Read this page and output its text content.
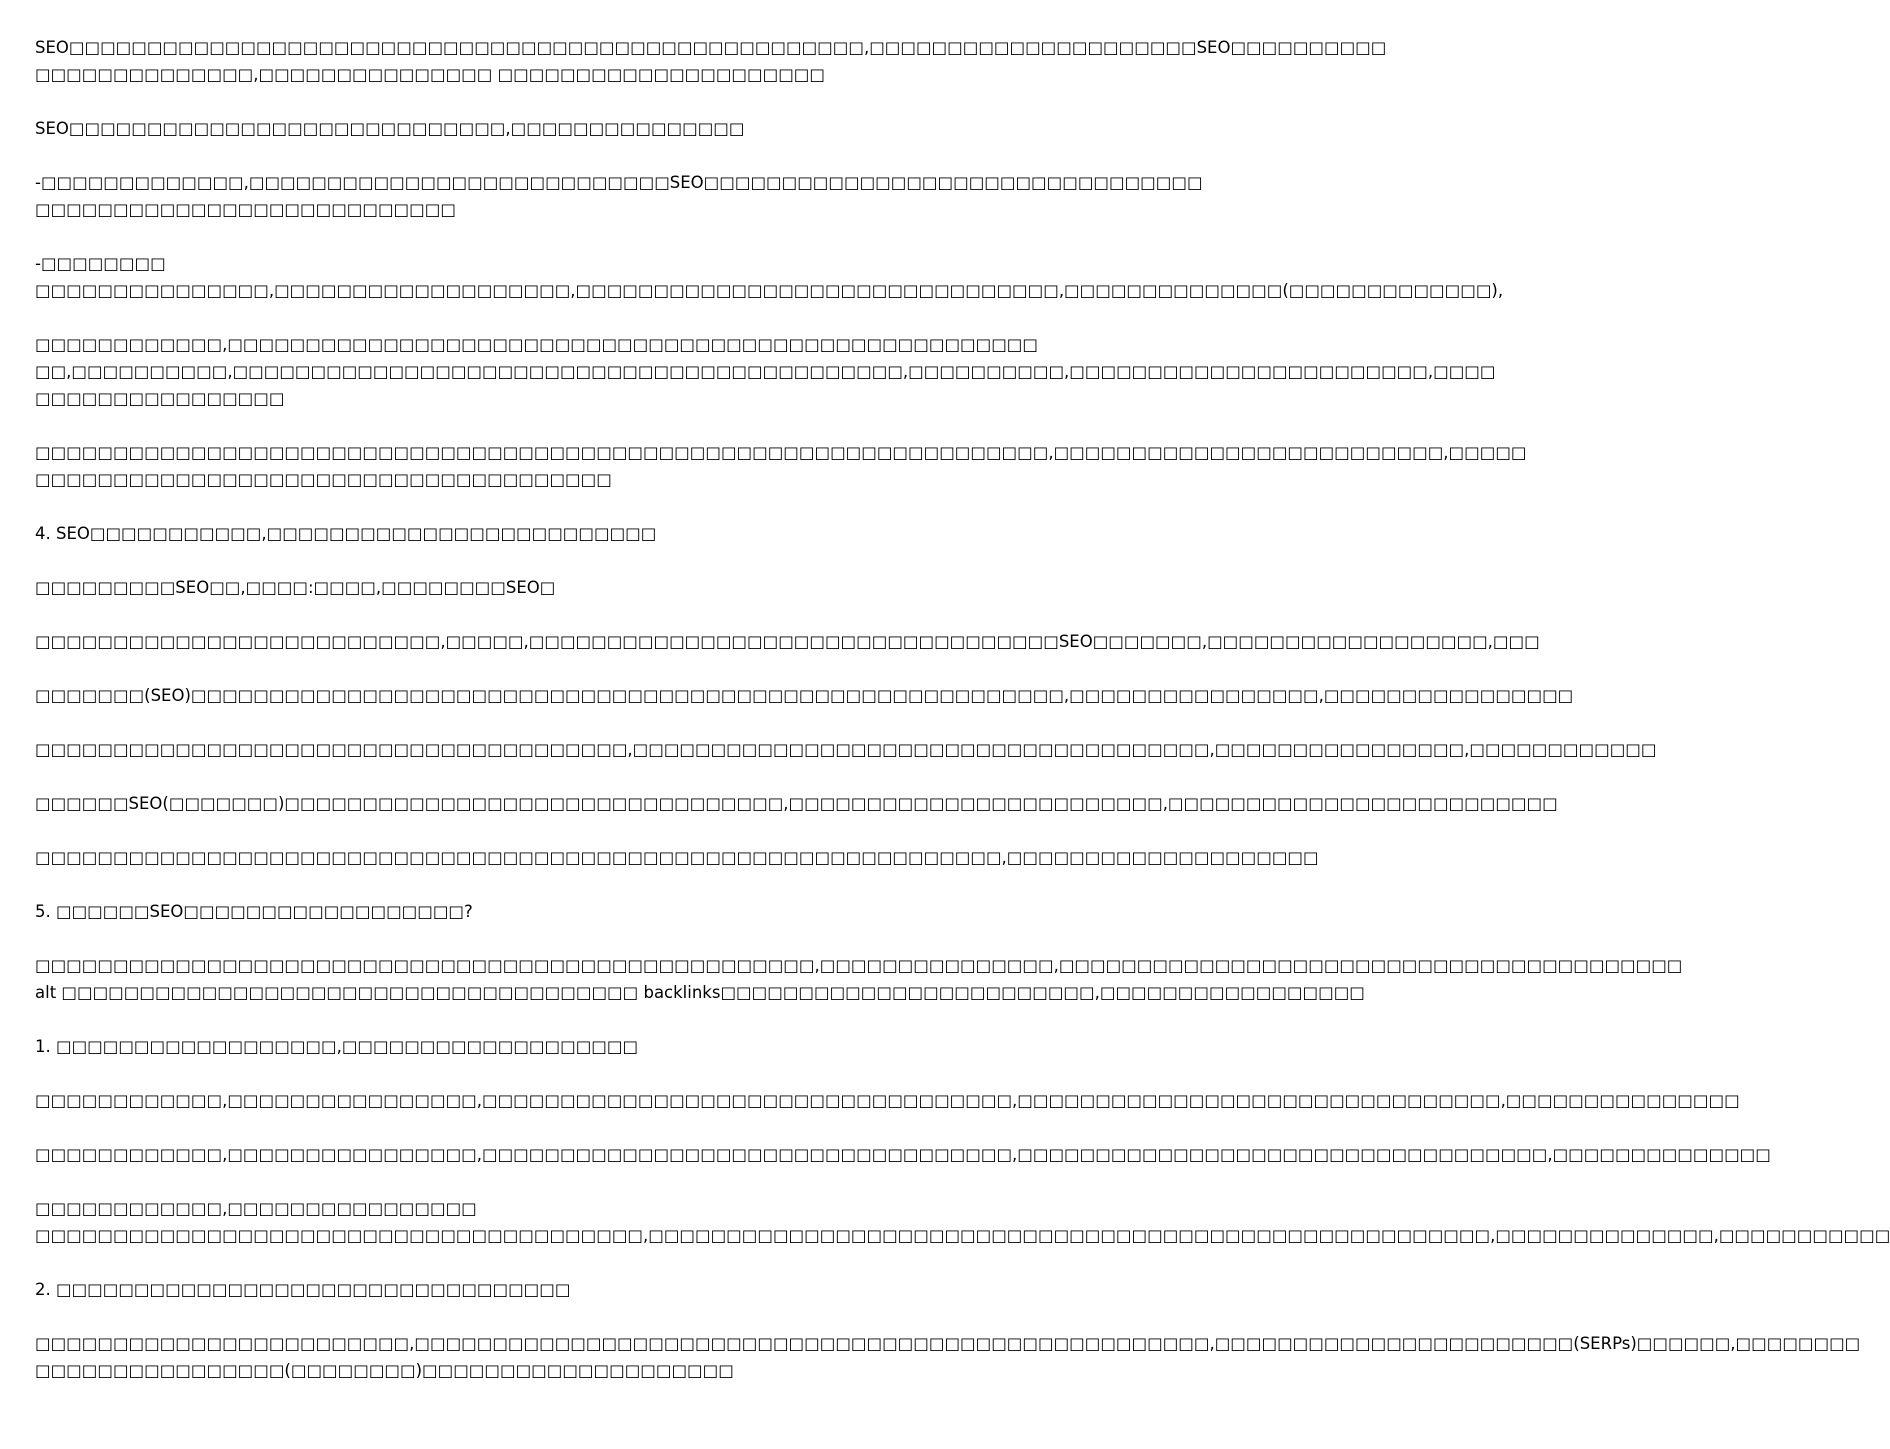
SEO□□□□□□□□□□□□□□□□□□□□□□□□□□□□□□□□□□□□□□□□□□□□□□□□□□□,□□□□□□□□□□□□□□□□□□□□□SEO□□□□□□□□□□
□□□□□□□□□□□□□□,□□□□□□□□□□□□□□□ □□□□□□□□□□□□□□□□□□□□□
SEO□□□□□□□□□□□□□□□□□□□□□□□□□□□□,□□□□□□□□□□□□□□□
-□□□□□□□□□□□□□,□□□□□□□□□□□□□□□□□□□□□□□□□□□SEO□□□□□□□□□□□□□□□□□□□□□□□□□□□□□□□□
□□□□□□□□□□□□□□□□□□□□□□□□□□□
-□□□□□□□□
□□□□□□□□□□□□□□□,□□□□□□□□□□□□□□□□□□□,□□□□□□□□□□□□□□□□□□□□□□□□□□□□□□□,□□□□□□□□□□□□□□(□□□□□□□□□□□□□),
□□□□□□□□□□□□,□□□□□□□□□□□□□□□□□□□□□□□□□□□□□□□□□□□□□□□□□□□□□□□□□□□□
□□,□□□□□□□□□□,□□□□□□□□□□□□□□□□□□□□□□□□□□□□□□□□□□□□□□□□□□□,□□□□□□□□□□,□□□□□□□□□□□□□□□□□□□□□□□,□□□□
□□□□□□□□□□□□□□□□
□□□□□□□□□□□□□□□□□□□□□□□□□□□□□□□□□□□□□□□□□□□□□□□□□□□□□□□□□□□□□□□□□,□□□□□□□□□□□□□□□□□□□□□□□□□,□□□□□
□□□□□□□□□□□□□□□□□□□□□□□□□□□□□□□□□□□□□
4. SEO□□□□□□□□□□□,□□□□□□□□□□□□□□□□□□□□□□□□□
□□□□□□□□□SEO□□,□□□□:□□□□,□□□□□□□□SEO□
□□□□□□□□□□□□□□□□□□□□□□□□□□,□□□□□,□□□□□□□□□□□□□□□□□□□□□□□□□□□□□□□□□□SEO□□□□□□□,□□□□□□□□□□□□□□□□□□,□□□
□□□□□□□(SEO)□□□□□□□□□□□□□□□□□□□□□□□□□□□□□□□□□□□□□□□□□□□□□□□□□□□□□□□□,□□□□□□□□□□□□□□□□,□□□□□□□□□□□□□□□□
□□□□□□□□□□□□□□□□□□□□□□□□□□□□□□□□□□□□□□,□□□□□□□□□□□□□□□□□□□□□□□□□□□□□□□□□□□□□,□□□□□□□□□□□□□□□□,□□□□□□□□□□□□
□□□□□□SEO(□□□□□□□)□□□□□□□□□□□□□□□□□□□□□□□□□□□□□□□□,□□□□□□□□□□□□□□□□□□□□□□□□,□□□□□□□□□□□□□□□□□□□□□□□□□
□□□□□□□□□□□□□□□□□□□□□□□□□□□□□□□□□□□□□□□□□□□□□□□□□□□□□□□□□□□□□□,□□□□□□□□□□□□□□□□□□□□
5. □□□□□□SEO□□□□□□□□□□□□□□□□□□?
□□□□□□□□□□□□□□□□□□□□□□□□□□□□□□□□□□□□□□□□□□□□□□□□□□,□□□□□□□□□□□□□□□,□□□□□□□□□□□□□□□□□□□□□□□□□□□□□□□□□□□□□□□□
alt □□□□□□□□□□□□□□□□□□□□□□□□□□□□□□□□□□□□□ backlinks□□□□□□□□□□□□□□□□□□□□□□□□,□□□□□□□□□□□□□□□□□
1. □□□□□□□□□□□□□□□□□□,□□□□□□□□□□□□□□□□□□□
□□□□□□□□□□□□,□□□□□□□□□□□□□□□□,□□□□□□□□□□□□□□□□□□□□□□□□□□□□□□□□□□,□□□□□□□□□□□□□□□□□□□□□□□□□□□□□□□,□□□□□□□□□□□□□□□
□□□□□□□□□□□□,□□□□□□□□□□□□□□□□,□□□□□□□□□□□□□□□□□□□□□□□□□□□□□□□□□□,□□□□□□□□□□□□□□□□□□□□□□□□□□□□□□□□□□,□□□□□□□□□□□□□□
□□□□□□□□□□□□,□□□□□□□□□□□□□□□□
□□□□□□□□□□□□□□□□□□□□□□□□□□□□□□□□□□□□□□□,□□□□□□□□□□□□□□□□□□□□□□□□□□□□□□□□□□□□□□□□□□□□□□□□□□□□□□,□□□□□□□□□□□□□□,□□□□□□□□□□□
2. □□□□□□□□□□□□□□□□□□□□□□□□□□□□□□□□□
□□□□□□□□□□□□□□□□□□□□□□□□,□□□□□□□□□□□□□□□□□□□□□□□□□□□□□□□□□□□□□□□□□□□□□□□□□□□,□□□□□□□□□□□□□□□□□□□□□□□(SERPs)□□□□□□,□□□□□□□□
□□□□□□□□□□□□□□□□(□□□□□□□□)□□□□□□□□□□□□□□□□□□□□
